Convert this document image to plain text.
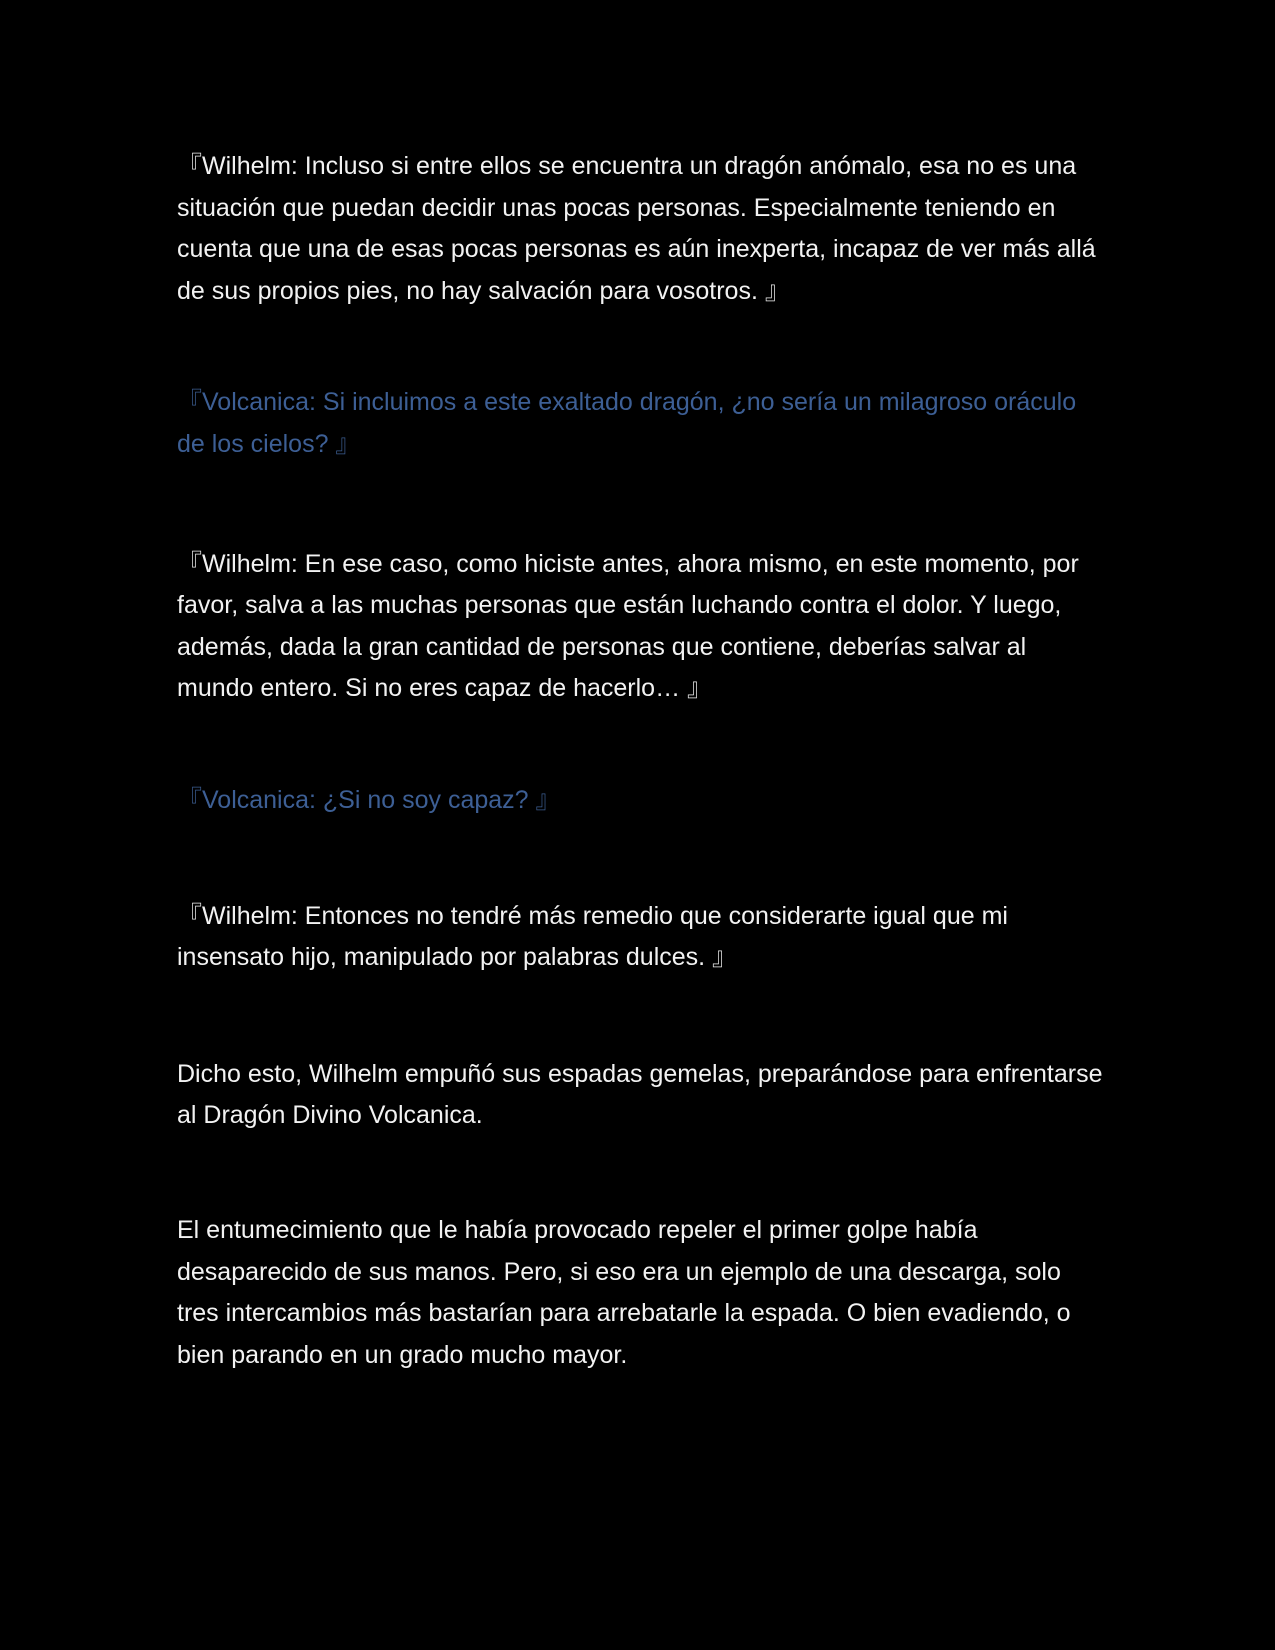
『Wilhelm: Incluso si entre ellos se encuentra un dragón anómalo, esa no es una situación que puedan decidir unas pocas personas. Especialmente teniendo en cuenta que una de esas pocas personas es aún inexperta, incapaz de ver más allá de sus propios pies, no hay salvación para vosotros. 』

『Volcanica: Si incluimos a este exaltado dragón, ¿no sería un milagroso oráculo de los cielos? 』

『Wilhelm: En ese caso, como hiciste antes, ahora mismo, en este momento, por favor, salva a las muchas personas que están luchando contra el dolor. Y luego, además, dada la gran cantidad de personas que contiene, deberías salvar al mundo entero. Si no eres capaz de hacerlo… 』

『Volcanica: ¿Si no soy capaz? 』

『Wilhelm: Entonces no tendré más remedio que considerarte igual que mi insensato hijo, manipulado por palabras dulces. 』

Dicho esto, Wilhelm empuñó sus espadas gemelas, preparándose para enfrentarse al Dragón Divino Volcanica.

El entumecimiento que le había provocado repeler el primer golpe había desaparecido de sus manos. Pero, si eso era un ejemplo de una descarga, solo tres intercambios más bastarían para arrebatarle la espada. O bien evadiendo, o bien parando en un grado mucho mayor.
